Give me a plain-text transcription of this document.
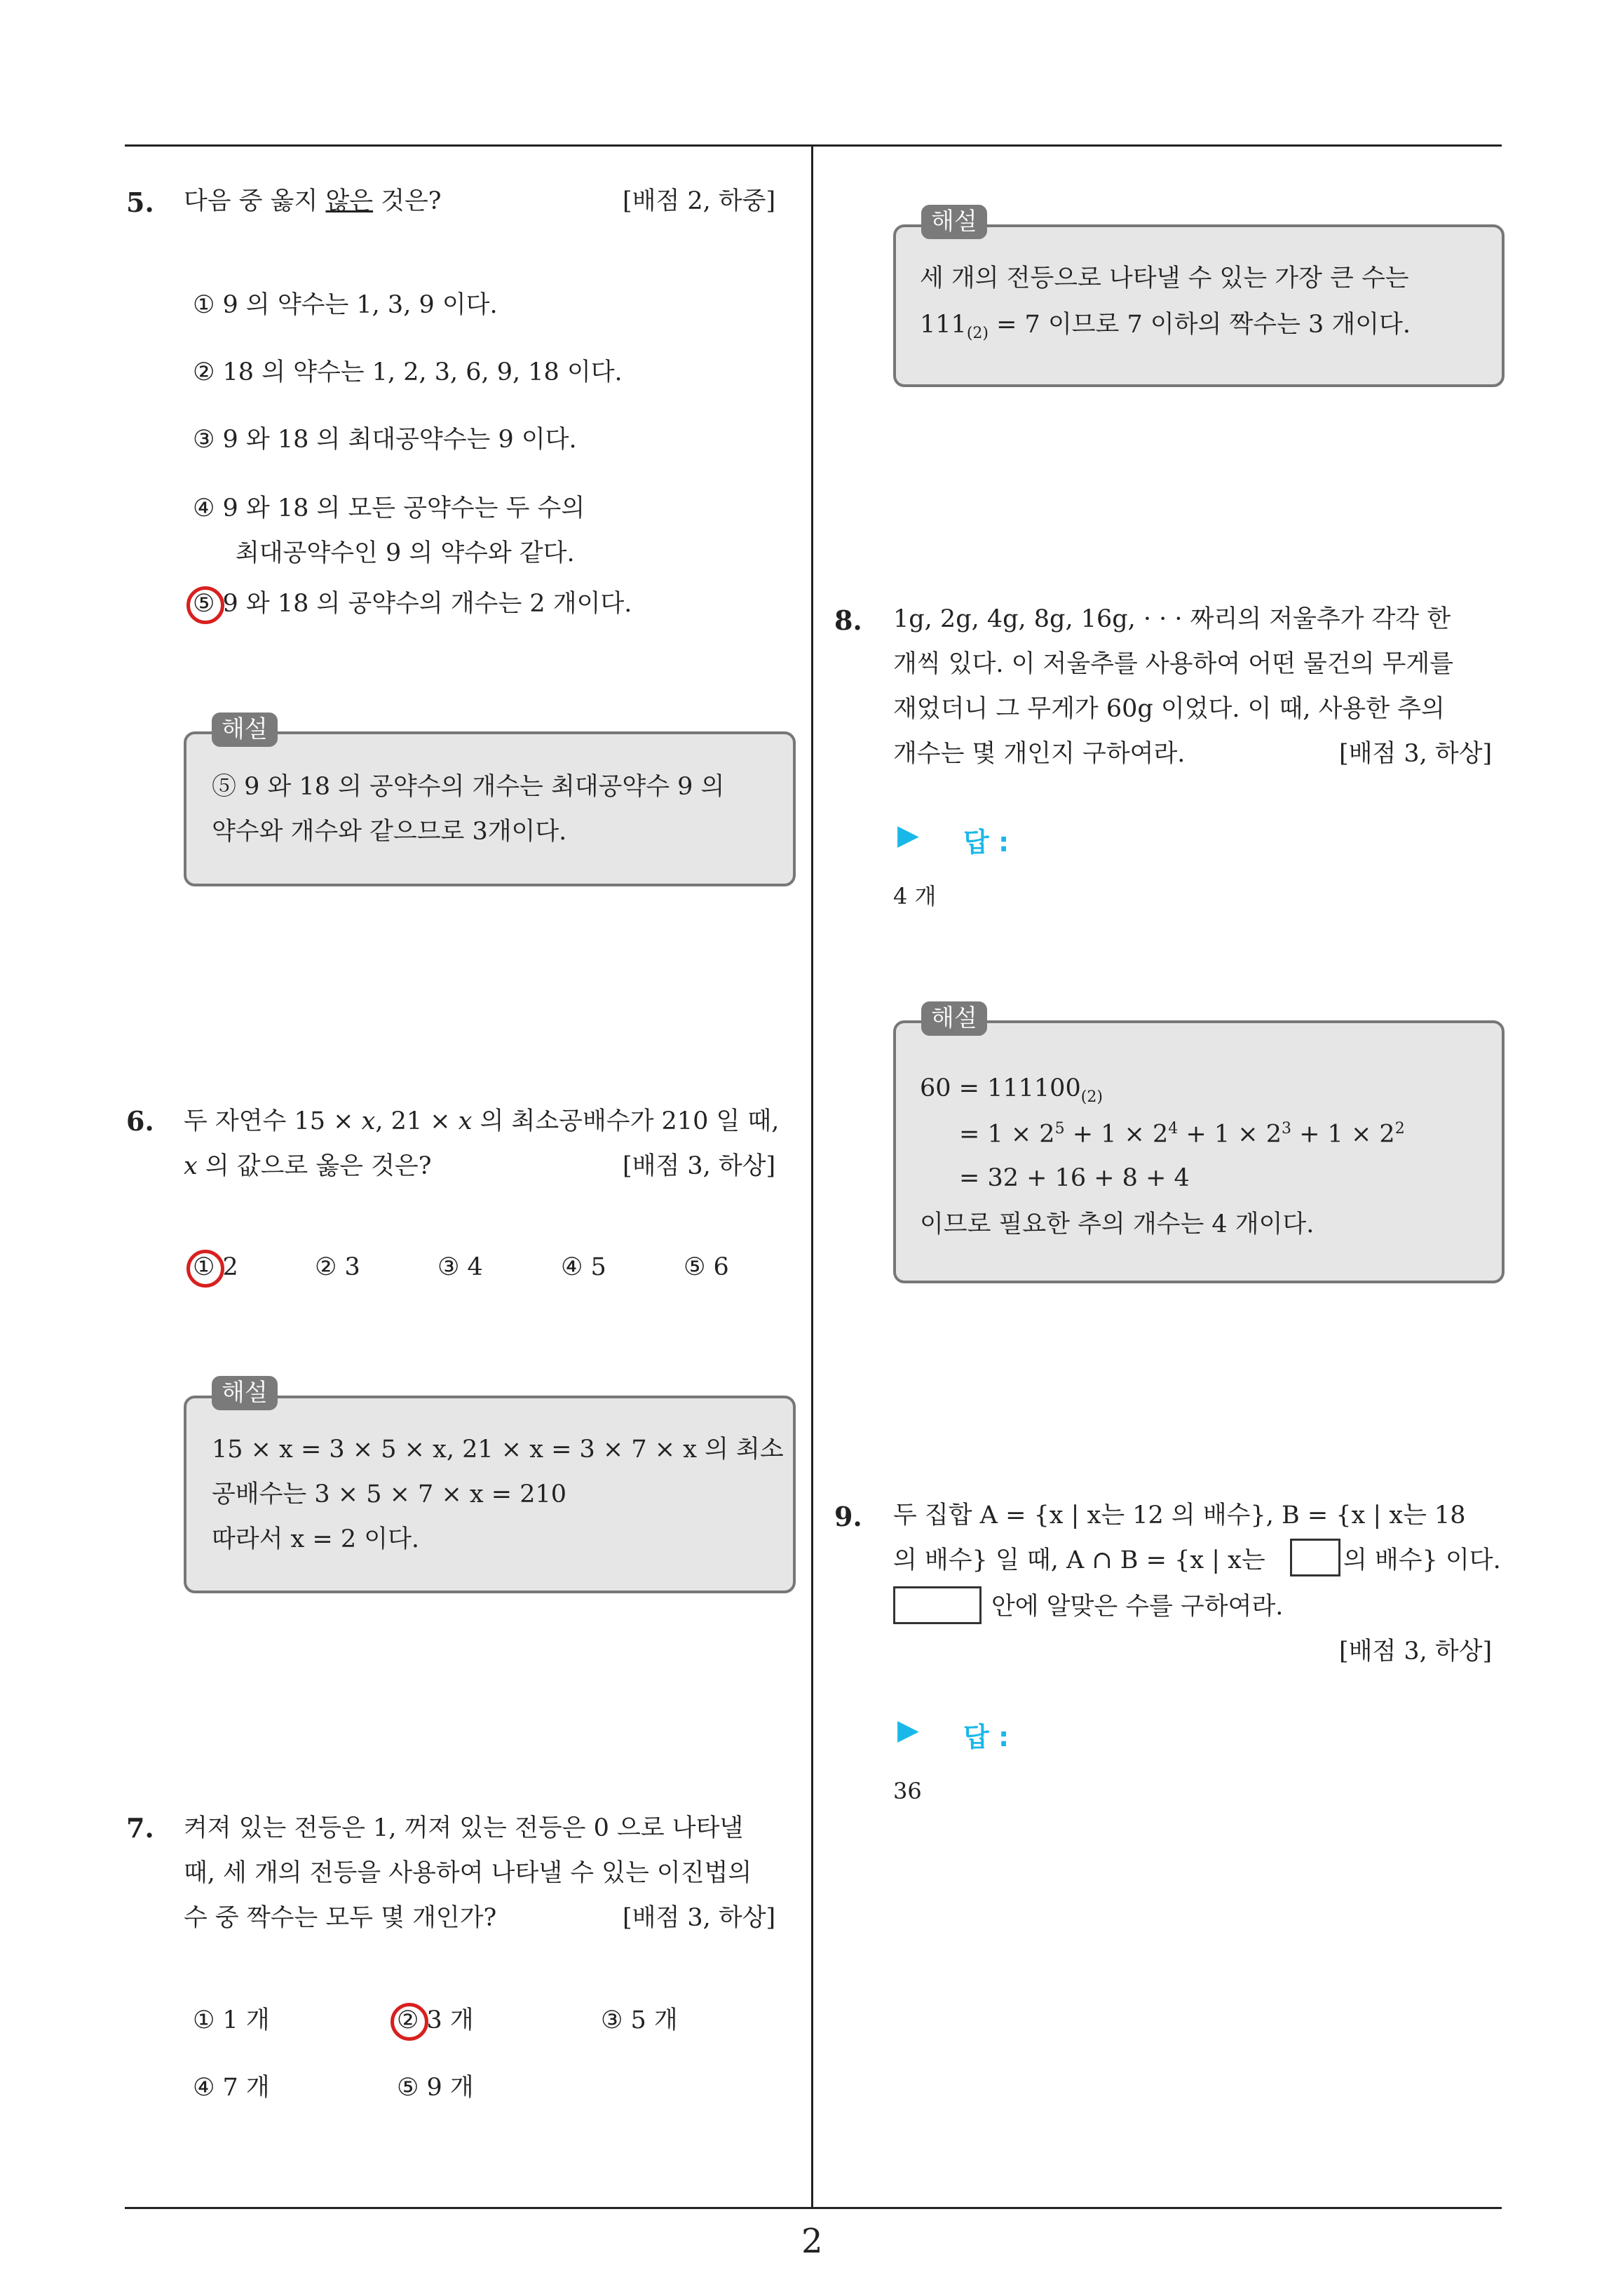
2
5. 다음 중 옳지 않은 것은?	[배점 2, 하중]
① 9 의 약수는 1, 3, 9 이다.
② 18 의 약수는 1, 2, 3, 6, 9, 18 이다.
③ 9 와 18 의 최대공약수는 9 이다.
④ 9 와 18 의 모든 공약수는 두 수의
최대공약수인 9 의 약수와 같다.
⑤ 9 와 18 의 공약수의 개수는 2 개이다.
⑤ 9 와 18 의 공약수의 개수는 최대공약수 9 의
약수와 개수와 같으므로 3개이다.
해설
6. 두 자연수 15 × x, 21 × x 의 최소공배수가 210 일 때,
x 의 값으로 옳은 것은?	[배점 3, 하상]
① 2	② 3	③ 4	④ 5	⑤ 6
15 × x = 3 × 5 × x, 21 × x = 3 × 7 × x 의 최소
공배수는 3 × 5 × 7 × x = 210
따라서 x = 2 이다.
해설
7. 켜져 있는 전등은 1, 꺼져 있는 전등은 0 으로 나타낼
때, 세 개의 전등을 사용하여 나타낼 수 있는 이진법의
수 중 짝수는 모두 몇 개인가?	[배점 3, 하상]
① 1 개	② 3 개	③ 5 개
④ 7 개	⑤ 9 개
세 개의 전등으로 나타낼 수 있는 가장 큰 수는
$111_{(2)} = 7$ 이므로 7 이하의 짝수는 3 개이다.
해설
8. 1g, 2g, 4g, 8g, 16g, · · · 짜리의 저울추가 각각 한
개씩 있다. 이 저울추를 사용하여 어떤 물건의 무게를
재었더니 그 무게가 60g 이었다. 이 때, 사용한 추의
개수는 몇 개인지 구하여라.	[배점 3, 하상]
▶ 답 :
4 개
$60 = 111100_{(2)}$
= $1 \times 2^5 + 1 \times 2^4 + 1 \times 2^3 + 1 \times 2^2$
= 32 + 16 + 8 + 4
이므로 필요한 추의 개수는 4 개이다.
해설
9. 두 집합 A = {x | x는 12 의 배수}, B = {x | x는 18
의 배수} 일 때, A ∩ B = {x | x는	의 배수} 이다.
안에 알맞은 수를 구하여라.
[배점 3, 하상]
▶ 답 :
36
